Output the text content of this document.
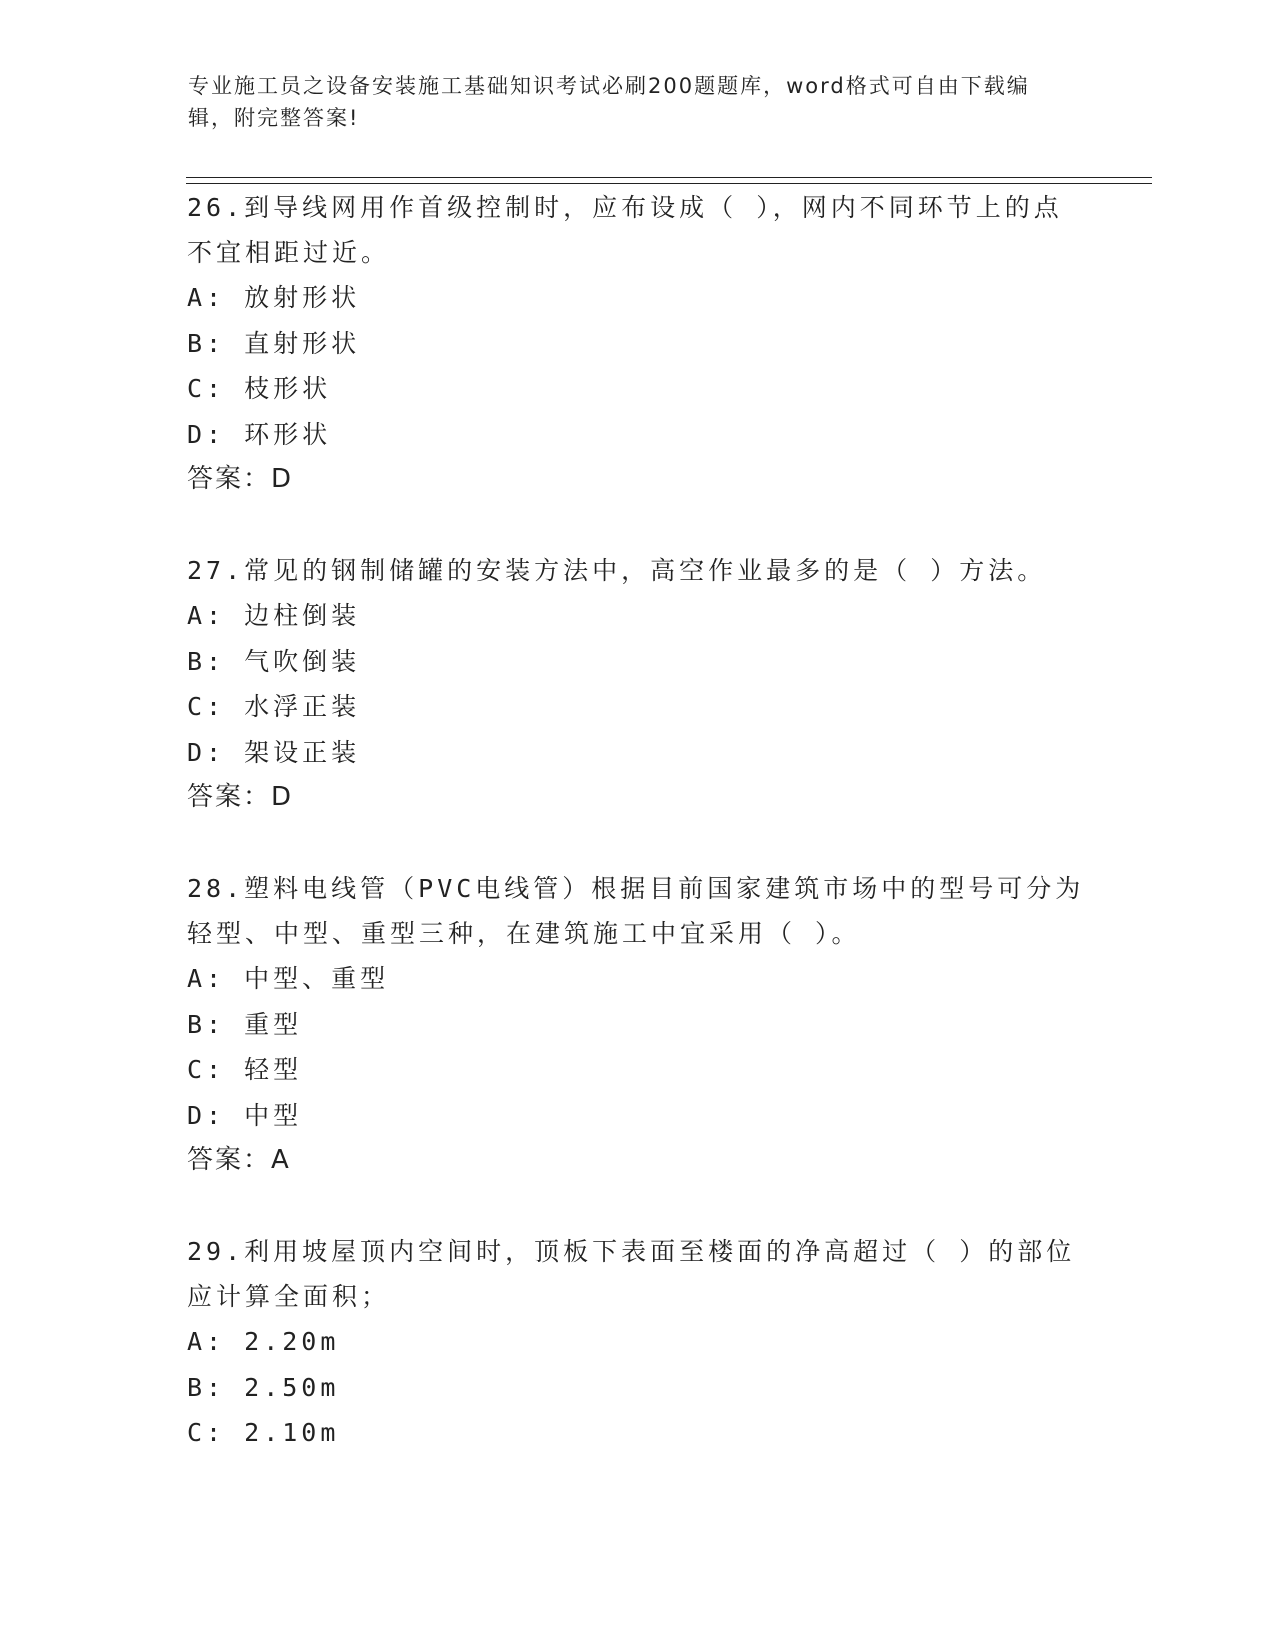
专业施工员之设备安装施工基础知识考试必刷200题题库，word格式可自由下载编辑，附完整答案!

26.到导线网用作首级控制时，应布设成（ ），网内不同环节上的点不宜相距过近。

A: 放射形状

B: 直射形状

C: 枝形状

D: 环形状

答案：D

27.常见的钢制储罐的安装方法中，高空作业最多的是（ ）方法。

A: 边柱倒装

B: 气吹倒装

C: 水浮正装

D: 架设正装

答案：D

28.塑料电线管（PVC电线管）根据目前国家建筑市场中的型号可分为轻型、中型、重型三种，在建筑施工中宜采用（ ）。

A: 中型、重型

B: 重型

C: 轻型

D: 中型

答案：A

29.利用坡屋顶内空间时，顶板下表面至楼面的净高超过（ ）的部位应计算全面积；

A: 2.20m

B: 2.50m

C: 2.10m
